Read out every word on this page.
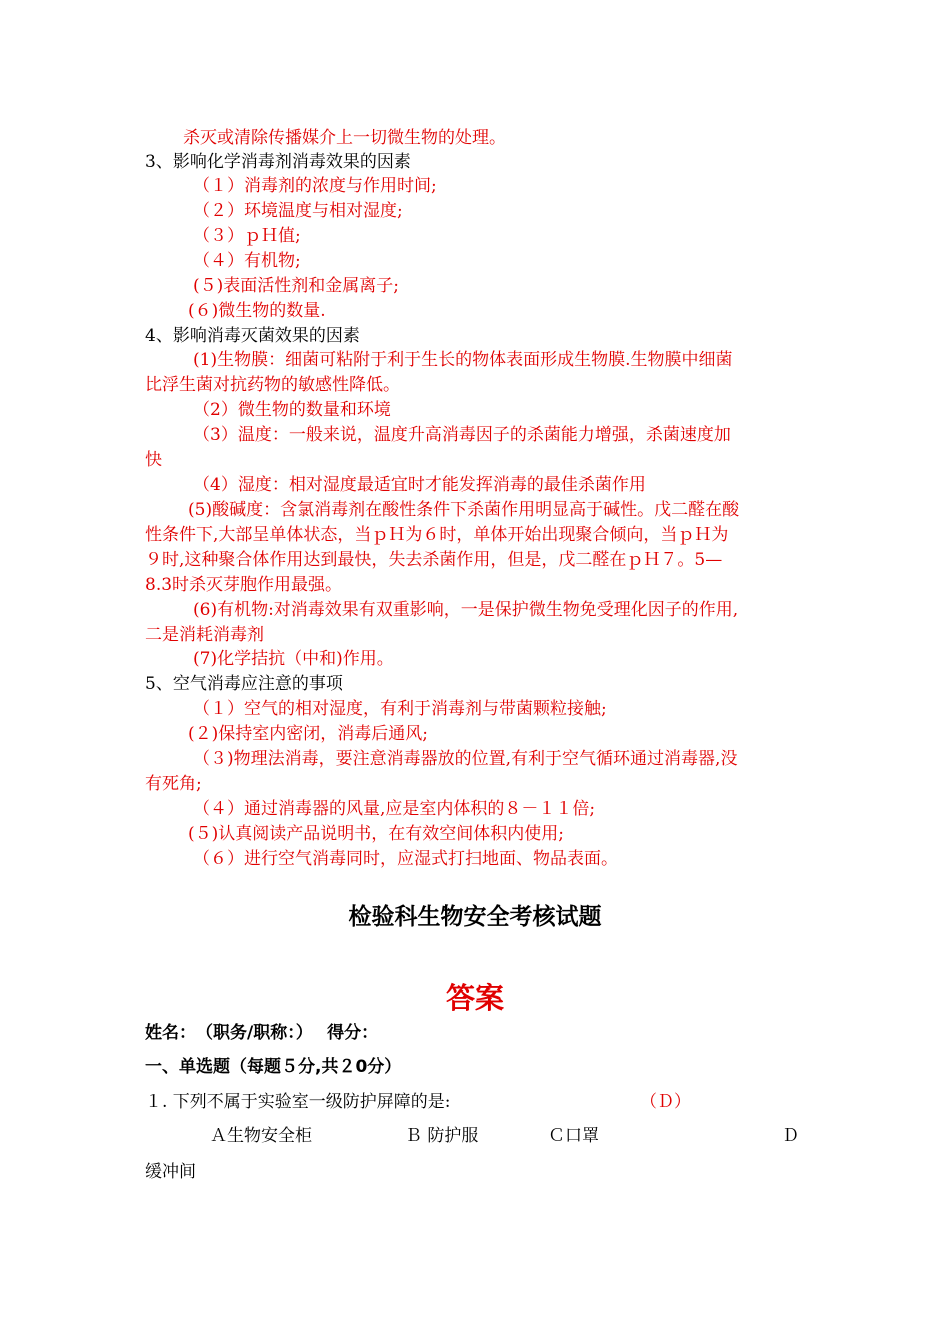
杀灭或清除传播媒介上一切微生物的处理。
3、影响化学消毒剂消毒效果的因素
（１）消毒剂的浓度与作用时间;
（２）环境温度与相对湿度;
（３）ｐＨ值;
（４）有机物;
(５)表面活性剂和金属离子;
(６)微生物的数量.
4、影响消毒灭菌效果的因素
(1)生物膜：细菌可粘附于利于生长的物体表面形成生物膜.生物膜中细菌
比浮生菌对抗药物的敏感性降低。
（2）微生物的数量和环境
（3）温度：一般来说，温度升高消毒因子的杀菌能力增强，杀菌速度加
快
（4）湿度：相对湿度最适宜时才能发挥消毒的最佳杀菌作用
(5)酸碱度：含氯消毒剂在酸性条件下杀菌作用明显高于碱性。戊二醛在酸
性条件下,大部呈单体状态，当ｐＨ为６时，单体开始出现聚合倾向，当ｐＨ为
９时,这种聚合体作用达到最快，失去杀菌作用，但是，戊二醛在ｐＨ７。5—
8.3时杀灭芽胞作用最强。
(6)有机物:对消毒效果有双重影响，一是保护微生物免受理化因子的作用,
二是消耗消毒剂
(7)化学拮抗（中和)作用。
5、空气消毒应注意的事项
（１）空气的相对湿度，有利于消毒剂与带菌颗粒接触;
(２)保持室内密闭，消毒后通风;
（３)物理法消毒，要注意消毒器放的位置,有利于空气循环通过消毒器,没
有死角;
（４）通过消毒器的风量,应是室内体积的８－１１倍;
(５)认真阅读产品说明书，在有效空间体积内使用;
（６）进行空气消毒同时，应湿式打扫地面、物品表面。
检验科生物安全考核试题
答案
姓名：　（职务/职称：）　 得分：
一、单选题（每题５分,共２0分）
１. 下列不属于实验室一级防护屏障的是:	（Ｄ）
Ａ生物安全柜	Ｂ 防护服	Ｃ口罩	Ｄ
缓冲间
